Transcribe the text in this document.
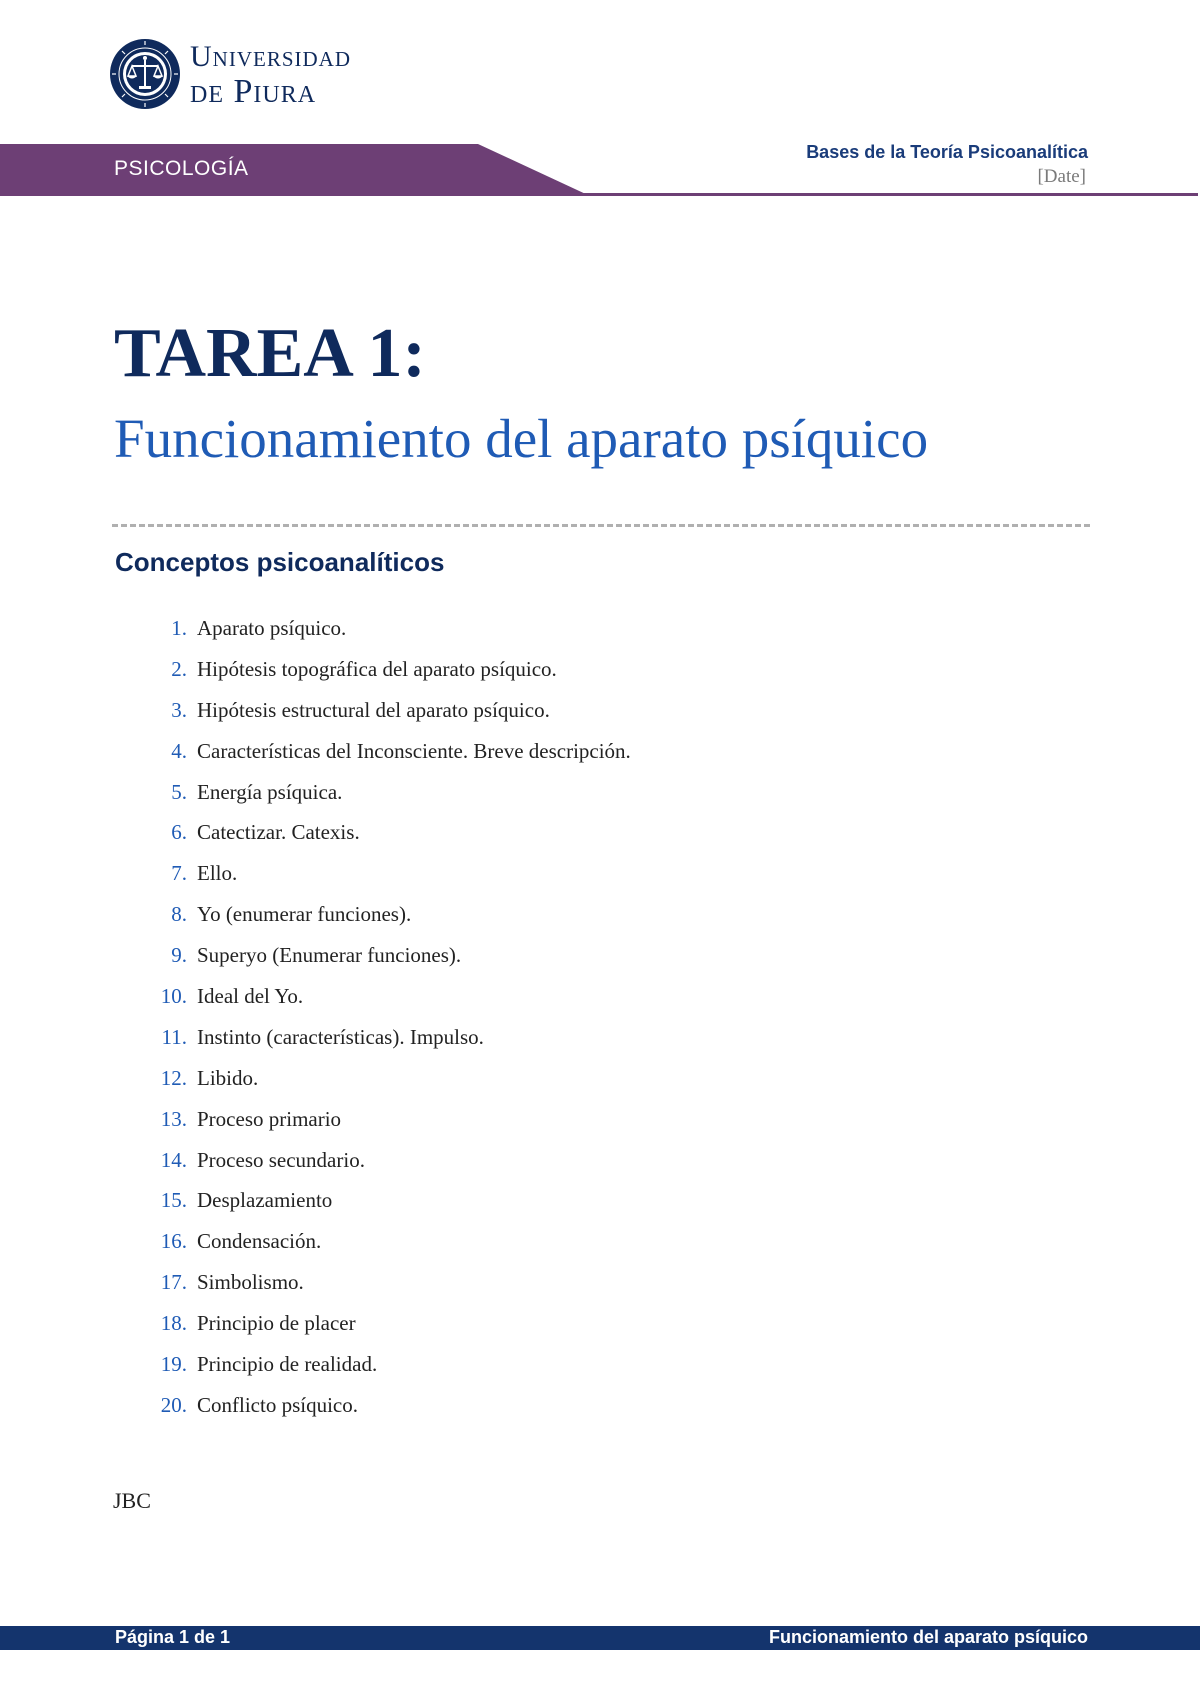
Universidad
de Piura
PSICOLOGÍA
Bases de la Teoría Psicoanalítica
[Date]
TAREA 1:
Funcionamiento del aparato psíquico
Conceptos psicoanalíticos
1. Aparato psíquico.
2. Hipótesis topográfica del aparato psíquico.
3. Hipótesis estructural del aparato psíquico.
4. Características del Inconsciente. Breve descripción.
5. Energía psíquica.
6. Catectizar. Catexis.
7. Ello.
8. Yo (enumerar funciones).
9. Superyo (Enumerar funciones).
10. Ideal del Yo.
11. Instinto (características). Impulso.
12. Libido.
13. Proceso primario
14. Proceso secundario.
15. Desplazamiento
16. Condensación.
17. Simbolismo.
18. Principio de placer
19. Principio de realidad.
20. Conflicto psíquico.
JBC
Página 1 de 1	Funcionamiento del aparato psíquico
